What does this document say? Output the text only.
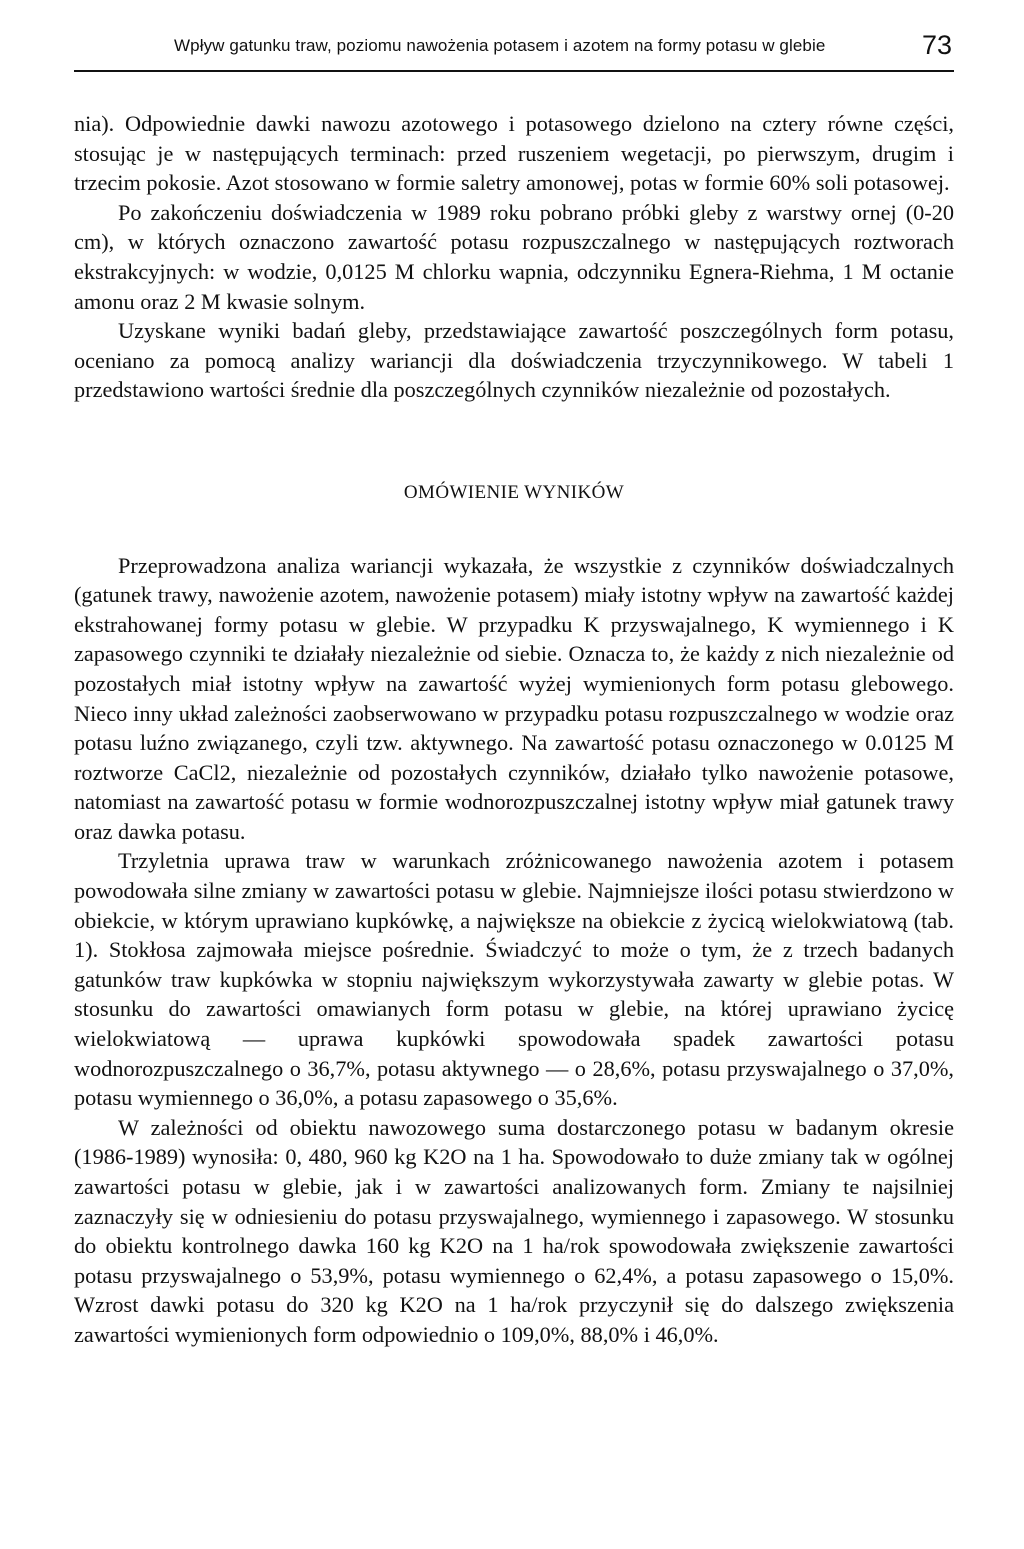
Wpływ gatunku traw, poziomu nawożenia potasem i azotem na formy potasu w glebie	73

nia). Odpowiednie dawki nawozu azotowego i potasowego dzielono na cztery równe części, stosując je w następujących terminach: przed ruszeniem wegetacji, po pierwszym, drugim i trzecim pokosie. Azot stosowano w formie saletry amonowej, potas w formie 60% soli potasowej.

Po zakończeniu doświadczenia w 1989 roku pobrano próbki gleby z warstwy ornej (0-20 cm), w których oznaczono zawartość potasu rozpuszczalnego w następujących roztworach ekstrakcyjnych: w wodzie, 0,0125 M chlorku wapnia, odczynniku Egnera-Riehma, 1 M octanie amonu oraz 2 M kwasie solnym.

Uzyskane wyniki badań gleby, przedstawiające zawartość poszczególnych form potasu, oceniano za pomocą analizy wariancji dla doświadczenia trzyczynnikowego. W tabeli 1 przedstawiono wartości średnie dla poszczególnych czynników niezależnie od pozostałych.

OMÓWIENIE WYNIKÓW

Przeprowadzona analiza wariancji wykazała, że wszystkie z czynników doświadczalnych (gatunek trawy, nawożenie azotem, nawożenie potasem) miały istotny wpływ na zawartość każdej ekstrahowanej formy potasu w glebie. W przypadku K przyswajalnego, K wymiennego i K zapasowego czynniki te działały niezależnie od siebie. Oznacza to, że każdy z nich niezależnie od pozostałych miał istotny wpływ na zawartość wyżej wymienionych form potasu glebowego. Nieco inny układ zależności zaobserwowano w przypadku potasu rozpuszczalnego w wodzie oraz potasu luźno związanego, czyli tzw. aktywnego. Na zawartość potasu oznaczonego w 0.0125 M roztworze CaCl2, niezależnie od pozostałych czynników, działało tylko nawożenie potasowe, natomiast na zawartość potasu w formie wodnorozpuszczalnej istotny wpływ miał gatunek trawy oraz dawka potasu.

Trzyletnia uprawa traw w warunkach zróżnicowanego nawożenia azotem i potasem powodowała silne zmiany w zawartości potasu w glebie. Najmniejsze ilości potasu stwierdzono w obiekcie, w którym uprawiano kupkówkę, a największe na obiekcie z życicą wielokwiatową (tab. 1). Stokłosa zajmowała miejsce pośrednie. Świadczyć to może o tym, że z trzech badanych gatunków traw kupkówka w stopniu największym wykorzystywała zawarty w glebie potas. W stosunku do zawartości omawianych form potasu w glebie, na której uprawiano życicę wielokwiatową — uprawa kupkówki spowodowała spadek zawartości potasu wodnorozpuszczalnego o 36,7%, potasu aktywnego — o 28,6%, potasu przyswajalnego o 37,0%, potasu wymiennego o 36,0%, a potasu zapasowego o 35,6%.

W zależności od obiektu nawozowego suma dostarczonego potasu w badanym okresie (1986-1989) wynosiła: 0, 480, 960 kg K2O na 1 ha. Spowodowało to duże zmiany tak w ogólnej zawartości potasu w glebie, jak i w zawartości analizowanych form. Zmiany te najsilniej zaznaczyły się w odniesieniu do potasu przyswajalnego, wymiennego i zapasowego. W stosunku do obiektu kontrolnego dawka 160 kg K2O na 1 ha/rok spowodowała zwiększenie zawartości potasu przyswajalnego o 53,9%, potasu wymiennego o 62,4%, a potasu zapasowego o 15,0%. Wzrost dawki potasu do 320 kg K2O na 1 ha/rok przyczynił się do dalszego zwiększenia zawartości wymienionych form odpowiednio o 109,0%, 88,0% i 46,0%.
